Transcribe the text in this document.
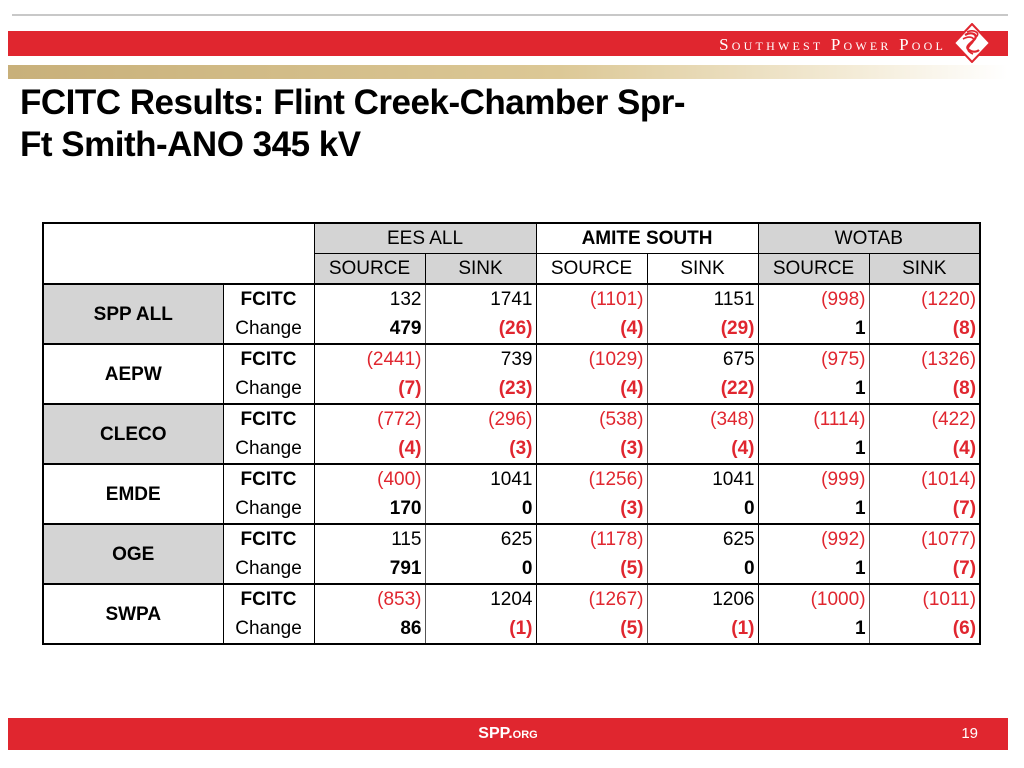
Southwest Power Pool
FCITC Results: Flint Creek-Chamber Spr-
Ft Smith-ANO 345 kV
		EES ALL		AMITE SOUTH		WOTAB	
		SOURCE	SINK	SOURCE	SINK	SOURCE	SINK
SPP ALL	FCITC	132	1741	(1101)	1151	(998)	(1220)
	Change	479	(26)	(4)	(29)	1	(8)
AEPW	FCITC	(2441)	739	(1029)	675	(975)	(1326)
	Change	(7)	(23)	(4)	(22)	1	(8)
CLECO	FCITC	(772)	(296)	(538)	(348)	(1114)	(422)
	Change	(4)	(3)	(3)	(4)	1	(4)
EMDE	FCITC	(400)	1041	(1256)	1041	(999)	(1014)
	Change	170	0	(3)	0	1	(7)
OGE	FCITC	115	625	(1178)	625	(992)	(1077)
	Change	791	0	(5)	0	1	(7)
SWPA	FCITC	(853)	1204	(1267)	1206	(1000)	(1011)
	Change	86	(1)	(5)	(1)	1	(6)
SPP.org	19
